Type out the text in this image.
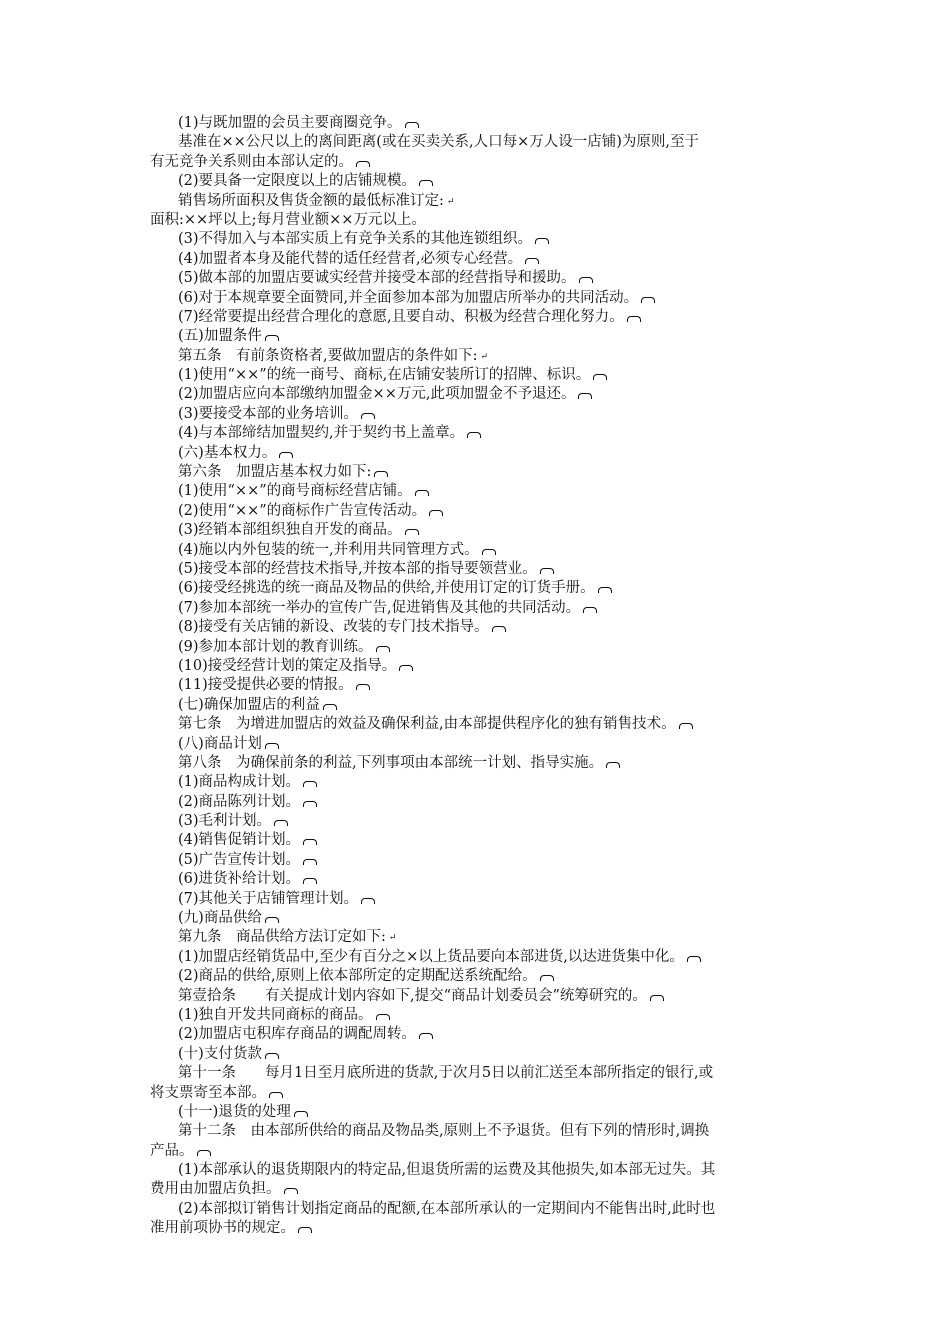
(1)与既加盟的会员主要商圈竞争。
基准在××公尺以上的离间距离(或在买卖关系,人口每×万人设一店铺)为原则,至于
有无竞争关系则由本部认定的。
(2)要具备一定限度以上的店铺规模。
销售场所面积及售货金额的最低标准订定: ↵
面积:××坪以上;每月营业额××万元以上。
(3)不得加入与本部实质上有竞争关系的其他连锁组织。
(4)加盟者本身及能代替的适任经营者,必须专心经营。
(5)做本部的加盟店要诚实经营并接受本部的经营指导和援助。
(6)对于本规章要全面赞同,并全面参加本部为加盟店所举办的共同活动。
(7)经常要提出经营合理化的意愿,且要自动、积极为经营合理化努力。
(五)加盟条件
第五条　有前条资格者,要做加盟店的条件如下: ↵
(1)使用“××”的统一商号、商标,在店铺安装所订的招牌、标识。
(2)加盟店应向本部缴纳加盟金××万元,此项加盟金不予退还。
(3)要接受本部的业务培训。
(4)与本部缔结加盟契约,并于契约书上盖章。
(六)基本权力。
第六条　加盟店基本权力如下:
(1)使用“××”的商号商标经营店铺。
(2)使用“××”的商标作广告宣传活动。
(3)经销本部组织独自开发的商品。
(4)施以内外包装的统一,并利用共同管理方式。
(5)接受本部的经营技术指导,并按本部的指导要领营业。
(6)接受经挑选的统一商品及物品的供给,并使用订定的订货手册。
(7)参加本部统一举办的宣传广告,促进销售及其他的共同活动。
(8)接受有关店铺的新设、改装的专门技术指导。
(9)参加本部计划的教育训练。
(10)接受经营计划的策定及指导。
(11)接受提供必要的情报。
(七)确保加盟店的利益
第七条　为增进加盟店的效益及确保利益,由本部提供程序化的独有销售技术。
(八)商品计划
第八条　为确保前条的利益,下列事项由本部统一计划、指导实施。
(1)商品构成计划。
(2)商品陈列计划。
(3)毛利计划。
(4)销售促销计划。
(5)广告宣传计划。
(6)进货补给计划。
(7)其他关于店铺管理计划。
(九)商品供给
第九条　商品供给方法订定如下: ↵
(1)加盟店经销货品中,至少有百分之×以上货品要向本部进货,以达进货集中化。
(2)商品的供给,原则上依本部所定的定期配送系统配给。
第壹拾条　　有关提成计划内容如下,提交“商品计划委员会”统筹研究的。
(1)独自开发共同商标的商品。
(2)加盟店屯积库存商品的调配周转。
(十)支付货款
第十一条　　每月1日至月底所进的货款,于次月5日以前汇送至本部所指定的银行,或
将支票寄至本部。
(十一)退货的处理
第十二条　由本部所供给的商品及物品类,原则上不予退货。但有下列的情形时,调换
产品。
(1)本部承认的退货期限内的特定品,但退货所需的运费及其他损失,如本部无过失。其
费用由加盟店负担。
(2)本部拟订销售计划指定商品的配额,在本部所承认的一定期间内不能售出时,此时也
准用前项协书的规定。
